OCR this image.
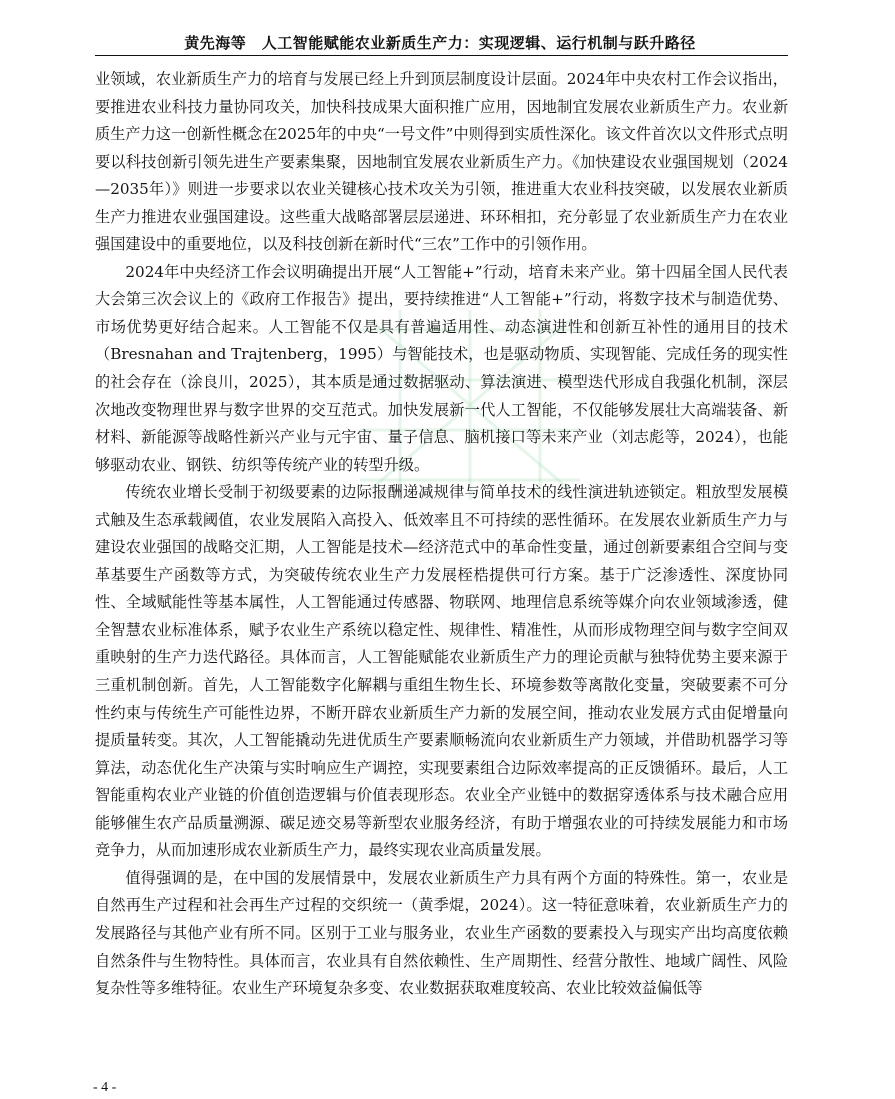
黄先海等　人工智能赋能农业新质生产力：实现逻辑、运行机制与跃升路径

业领域，农业新质生产力的培育与发展已经上升到顶层制度设计层面。2024年中央农村工作会议指出，要推进农业科技力量协同攻关，加快科技成果大面积推广应用，因地制宜发展农业新质生产力。农业新质生产力这一创新性概念在2025年的中央“一号文件”中则得到实质性深化。该文件首次以文件形式点明要以科技创新引领先进生产要素集聚，因地制宜发展农业新质生产力。《加快建设农业强国规划（2024—2035年）》则进一步要求以农业关键核心技术攻关为引领，推进重大农业科技突破，以发展农业新质生产力推进农业强国建设。这些重大战略部署层层递进、环环相扣，充分彰显了农业新质生产力在农业强国建设中的重要地位，以及科技创新在新时代“三农”工作中的引领作用。

2024年中央经济工作会议明确提出开展“人工智能+”行动，培育未来产业。第十四届全国人民代表大会第三次会议上的《政府工作报告》提出，要持续推进“人工智能+”行动，将数字技术与制造优势、市场优势更好结合起来。人工智能不仅是具有普遍适用性、动态演进性和创新互补性的通用目的技术（Bresnahan and Trajtenberg，1995）与智能技术，也是驱动物质、实现智能、完成任务的现实性的社会存在（涂良川，2025），其本质是通过数据驱动、算法演进、模型迭代形成自我强化机制，深层次地改变物理世界与数字世界的交互范式。加快发展新一代人工智能，不仅能够发展壮大高端装备、新材料、新能源等战略性新兴产业与元宇宙、量子信息、脑机接口等未来产业（刘志彪等，2024），也能够驱动农业、钢铁、纺织等传统产业的转型升级。

传统农业增长受制于初级要素的边际报酬递减规律与简单技术的线性演进轨迹锁定。粗放型发展模式触及生态承载阈值，农业发展陷入高投入、低效率且不可持续的恶性循环。在发展农业新质生产力与建设农业强国的战略交汇期，人工智能是技术—经济范式中的革命性变量，通过创新要素组合空间与变革基要生产函数等方式，为突破传统农业生产力发展桎梏提供可行方案。基于广泛渗透性、深度协同性、全域赋能性等基本属性，人工智能通过传感器、物联网、地理信息系统等媒介向农业领域渗透，健全智慧农业标准体系，赋予农业生产系统以稳定性、规律性、精准性，从而形成物理空间与数字空间双重映射的生产力迭代路径。具体而言，人工智能赋能农业新质生产力的理论贡献与独特优势主要来源于三重机制创新。首先，人工智能数字化解耦与重组生物生长、环境参数等离散化变量，突破要素不可分性约束与传统生产可能性边界，不断开辟农业新质生产力新的发展空间，推动农业发展方式由促增量向提质量转变。其次，人工智能撬动先进优质生产要素顺畅流向农业新质生产力领域，并借助机器学习等算法，动态优化生产决策与实时响应生产调控，实现要素组合边际效率提高的正反馈循环。最后，人工智能重构农业产业链的价值创造逻辑与价值表现形态。农业全产业链中的数据穿透体系与技术融合应用能够催生农产品质量溯源、碳足迹交易等新型农业服务经济，有助于增强农业的可持续发展能力和市场竞争力，从而加速形成农业新质生产力，最终实现农业高质量发展。

值得强调的是，在中国的发展情景中，发展农业新质生产力具有两个方面的特殊性。第一，农业是自然再生产过程和社会再生产过程的交织统一（黄季焜，2024）。这一特征意味着，农业新质生产力的发展路径与其他产业有所不同。区别于工业与服务业，农业生产函数的要素投入与现实产出均高度依赖自然条件与生物特性。具体而言，农业具有自然依赖性、生产周期性、经营分散性、地域广阔性、风险复杂性等多维特征。农业生产环境复杂多变、农业数据获取难度较高、农业比较效益偏低等

- 4 -
